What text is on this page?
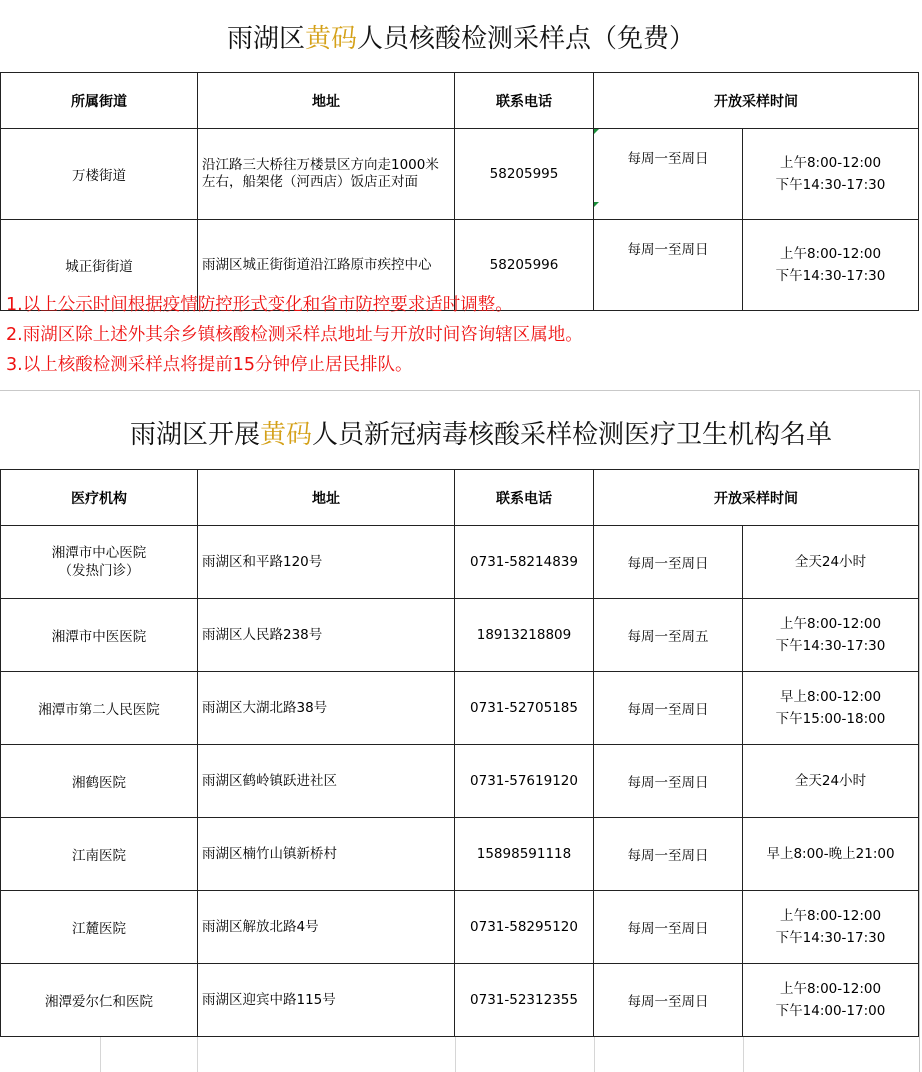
雨湖区 黄码 人员核酸检测采样点（免费）
所属街道	地址	联系电话	开放采样时间	
万楼街道	沿江路三大桥往万楼景区方向走1000米左右，船架佬（河西店）饭店正对面	58205995	每周一至周日	上午8:00-12:00
下午14:30-17:30

城正街街道	雨湖区城正街街道沿江路原市疾控中心	58205996	每周一至周日	上午8:00-12:00
下午14:30-17:30
1.以上公示时间根据疫情防控形式变化和省市防控要求适时调整。
2.雨湖区除上述外其余乡镇核酸检测采样点地址与开放时间咨询辖区属地。
3.以上核酸检测采样点将提前15分钟停止居民排队。
雨湖区开展 黄码 人员新冠病毒核酸采样检测医疗卫生机构名单
医疗机构	地址	联系电话	开放采样时间	

湘潭市中心医院
（发热门诊）	雨湖区和平路120号	0731-58214839	每周一至周日	全天24小时
湘潭市中医医院	雨湖区人民路238号	18913218809	每周一至周五	上午8:00-12:00
下午14:30-17:30

湘潭市第二人民医院	雨湖区大湖北路38号	0731-52705185	每周一至周日	早上8:00-12:00
下午15:00-18:00

湘鹤医院	雨湖区鹤岭镇跃进社区	0731-57619120	每周一至周日	全天24小时
江南医院	雨湖区楠竹山镇新桥村	15898591118	每周一至周日	早上8:00-晚上21:00
江麓医院	雨湖区解放北路4号	0731-58295120	每周一至周日	上午8:00-12:00
下午14:30-17:30

湘潭爱尔仁和医院	雨湖区迎宾中路115号	0731-52312355	每周一至周日	上午8:00-12:00
下午14:00-17:00
